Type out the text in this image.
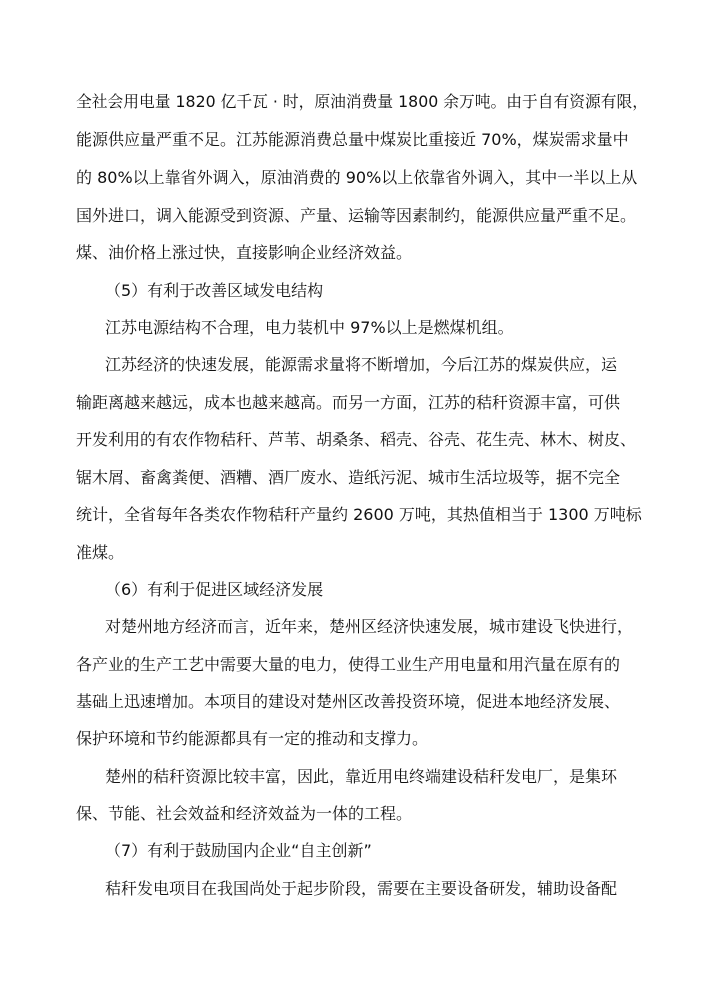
全社会用电量 1820 亿千瓦 · 时，原油消费量 1800 余万吨。由于自有资源有限，
能源供应量严重不足。江苏能源消费总量中煤炭比重接近 70%，煤炭需求量中
的 80%以上靠省外调入，原油消费的 90%以上依靠省外调入，其中一半以上从
国外进口，调入能源受到资源、产量、运输等因素制约，能源供应量严重不足。
煤、油价格上涨过快，直接影响企业经济效益。
（5）有利于改善区域发电结构
江苏电源结构不合理，电力装机中 97%以上是燃煤机组。
江苏经济的快速发展，能源需求量将不断增加，今后江苏的煤炭供应，运
输距离越来越远，成本也越来越高。而另一方面，江苏的秸秆资源丰富，可供
开发利用的有农作物秸秆、芦苇、胡桑条、稻壳、谷壳、花生壳、林木、树皮、
锯木屑、畜禽粪便、酒糟、酒厂废水、造纸污泥、城市生活垃圾等，据不完全
统计，全省每年各类农作物秸秆产量约 2600 万吨，其热值相当于 1300 万吨标
准煤。
（6）有利于促进区域经济发展
对楚州地方经济而言，近年来，楚州区经济快速发展，城市建设飞快进行，
各产业的生产工艺中需要大量的电力，使得工业生产用电量和用汽量在原有的
基础上迅速增加。本项目的建设对楚州区改善投资环境，促进本地经济发展、
保护环境和节约能源都具有一定的推动和支撑力。
楚州的秸秆资源比较丰富，因此，靠近用电终端建设秸秆发电厂，是集环
保、节能、社会效益和经济效益为一体的工程。
（7）有利于鼓励国内企业“自主创新”
秸秆发电项目在我国尚处于起步阶段，需要在主要设备研发，辅助设备配
